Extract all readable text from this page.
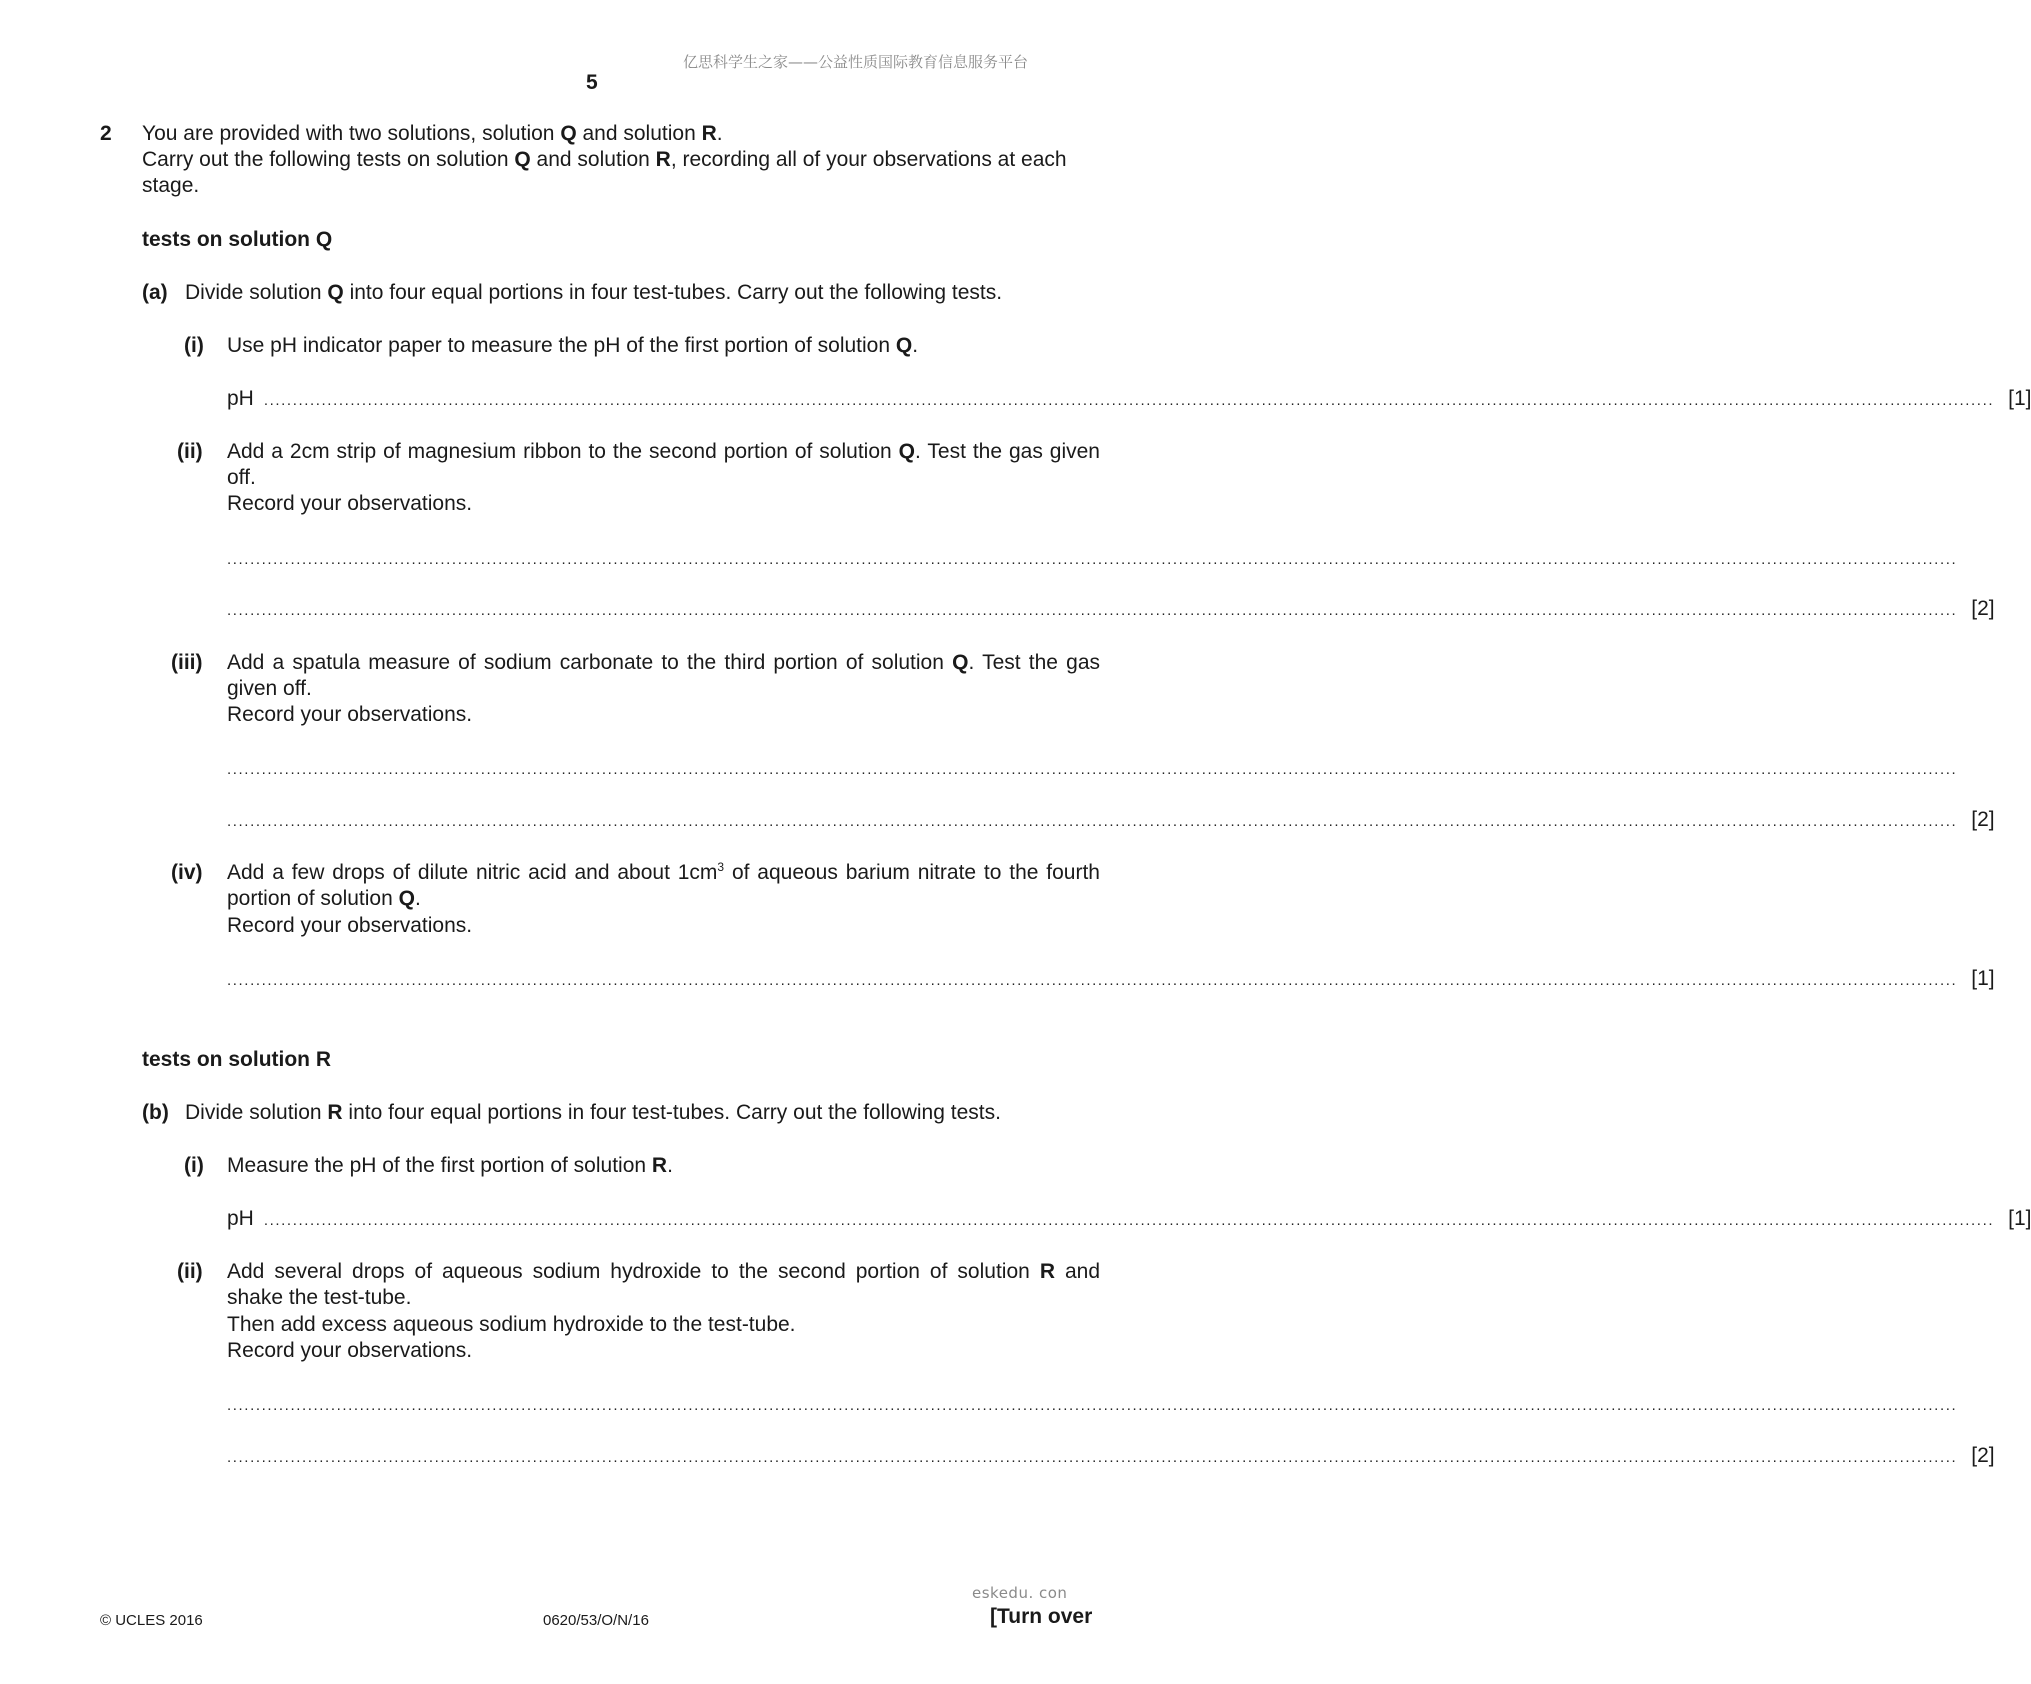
亿思科学生之家——公益性质国际教育信息服务平台
5
2 You are provided with two solutions, solution Q and solution R.
Carry out the following tests on solution Q and solution R, recording all of your observations at each stage.
tests on solution Q
(a) Divide solution Q into four equal portions in four test-tubes. Carry out the following tests.
(i) Use pH indicator paper to measure the pH of the first portion of solution Q.
pH ............................................................................................................................................................................................................................................................................................................ [1]
(ii) Add a 2cm strip of magnesium ribbon to the second portion of solution Q. Test the gas given off.
Record your observations.
............................................................................................................................................................................................................................................................................................................
............................................................................................................................................................................................................................................................................................................ [2]
(iii) Add a spatula measure of sodium carbonate to the third portion of solution Q. Test the gas given off.
Record your observations.
............................................................................................................................................................................................................................................................................................................
............................................................................................................................................................................................................................................................................................................ [2]
(iv) Add a few drops of dilute nitric acid and about $1cm^3$ of aqueous barium nitrate to the fourth portion of solution Q.
Record your observations.
............................................................................................................................................................................................................................................................................................................ [1]
tests on solution R
(b) Divide solution R into four equal portions in four test-tubes. Carry out the following tests.
(i) Measure the pH of the first portion of solution R.
pH ............................................................................................................................................................................................................................................................................................................ [1]
(ii) Add several drops of aqueous sodium hydroxide to the second portion of solution R and shake the test-tube.
Then add excess aqueous sodium hydroxide to the test-tube.
Record your observations.
............................................................................................................................................................................................................................................................................................................
............................................................................................................................................................................................................................................................................................................ [2]
eskedu. con
© UCLES 2016	0620/53/O/N/16	[Turn over
